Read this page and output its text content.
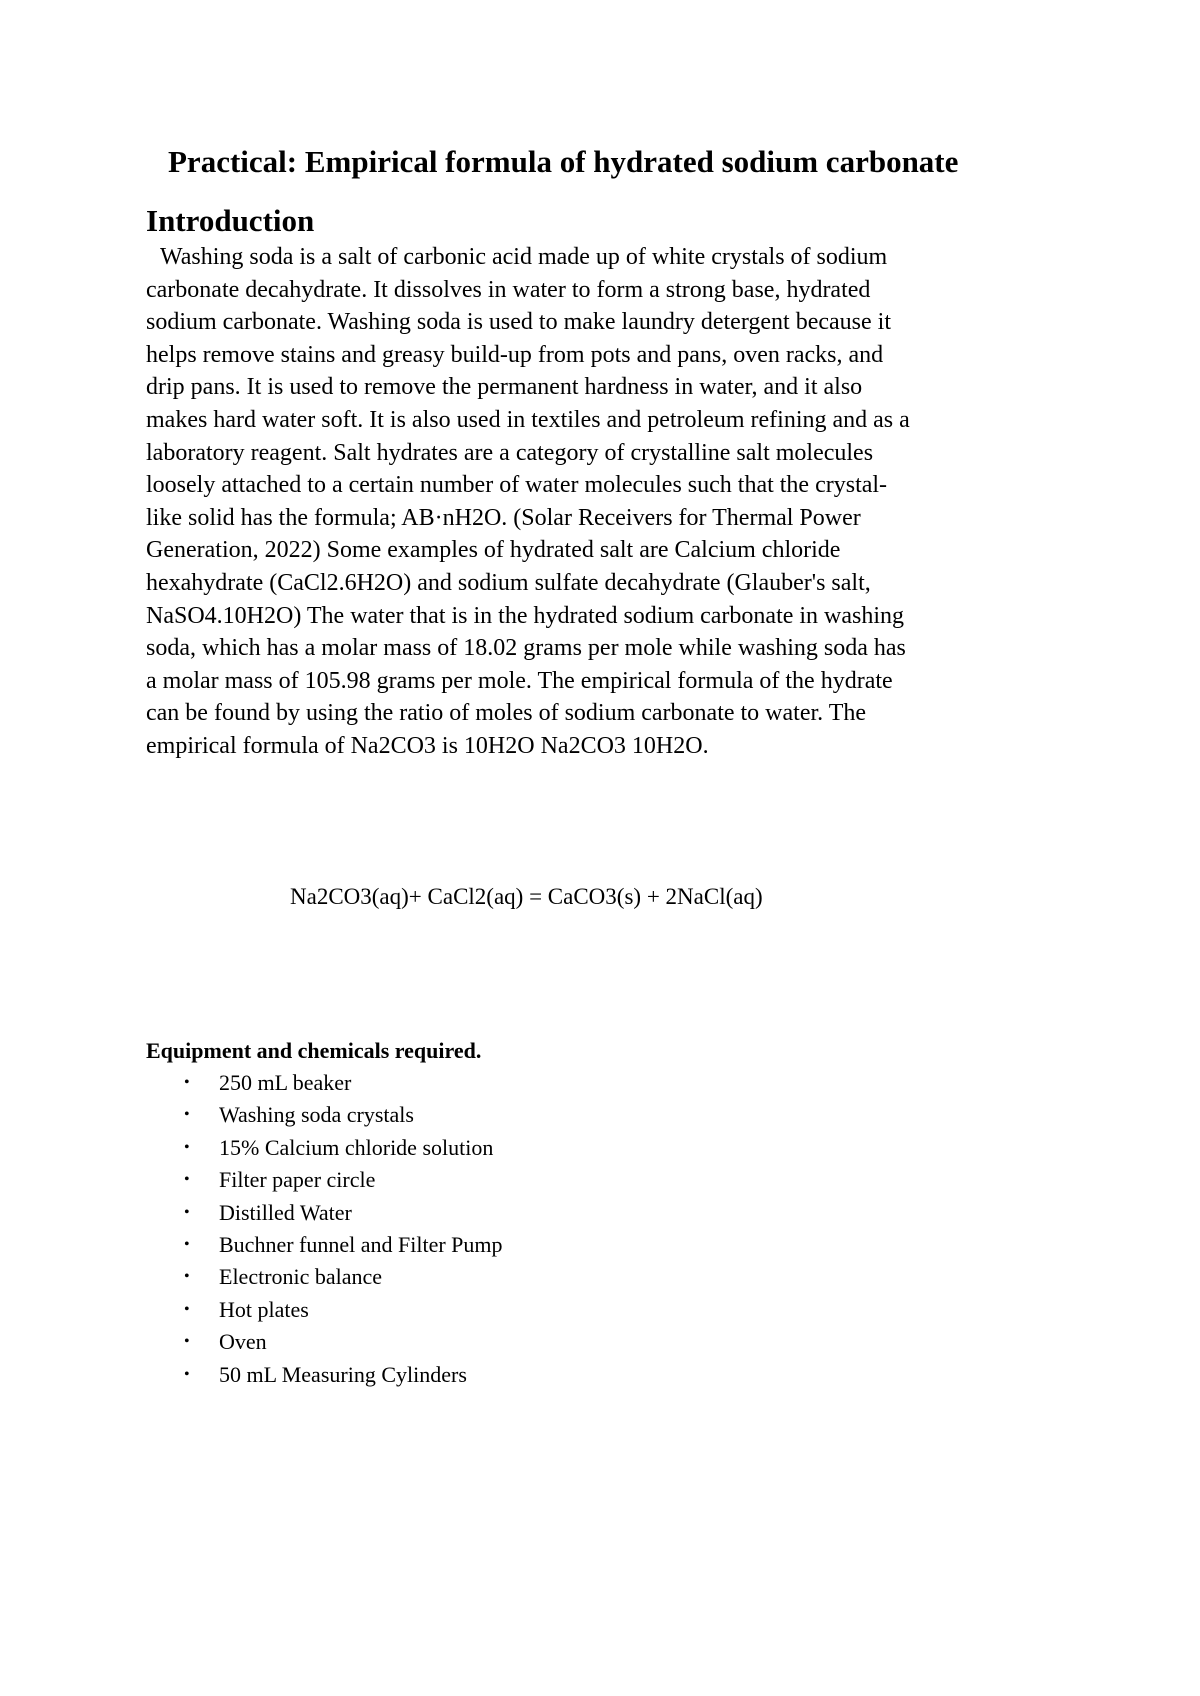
Practical: Empirical formula of hydrated sodium carbonate
Introduction
Washing soda is a salt of carbonic acid made up of white crystals of sodium
carbonate decahydrate. It dissolves in water to form a strong base, hydrated
sodium carbonate. Washing soda is used to make laundry detergent because it
helps remove stains and greasy build-up from pots and pans, oven racks, and
drip pans. It is used to remove the permanent hardness in water, and it also
makes hard water soft. It is also used in textiles and petroleum refining and as a
laboratory reagent. Salt hydrates are a category of crystalline salt molecules
loosely attached to a certain number of water molecules such that the crystal-
like solid has the formula; AB·nH2O. (Solar Receivers for Thermal Power
Generation, 2022) Some examples of hydrated salt are Calcium chloride
hexahydrate (CaCl2.6H2O) and sodium sulfate decahydrate (Glauber's salt,
NaSO4.10H2O) The water that is in the hydrated sodium carbonate in washing
soda, which has a molar mass of 18.02 grams per mole while washing soda has
a molar mass of 105.98 grams per mole. The empirical formula of the hydrate
can be found by using the ratio of moles of sodium carbonate to water. The
empirical formula of Na2CO3 is 10H2O Na2CO3 10H2O.

Na2CO3(aq)+ CaCl2(aq) = CaCO3(s) + 2NaCl(aq)

Equipment and chemicals required.

• 250 mL beaker
• Washing soda crystals
• 15% Calcium chloride solution
• Filter paper circle
• Distilled Water
• Buchner funnel and Filter Pump
• Electronic balance
• Hot plates
• Oven
• 50 mL Measuring Cylinders
